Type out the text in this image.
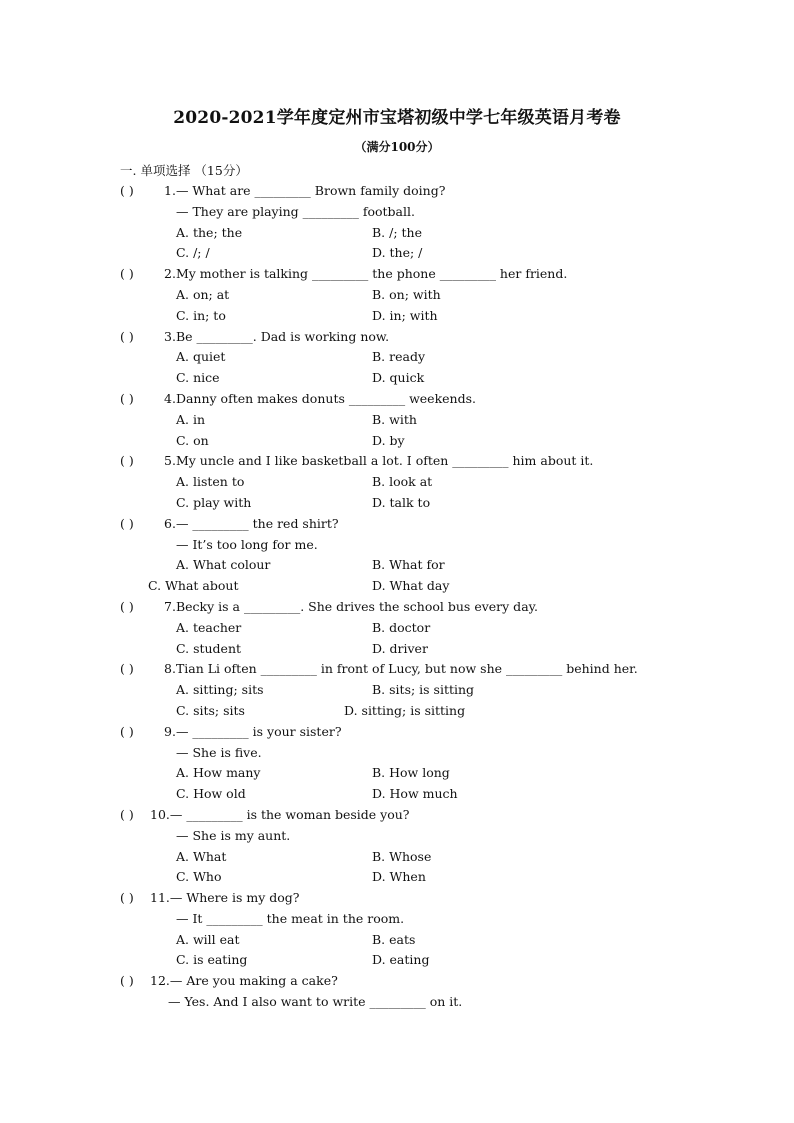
2020-2021学年度定州市宝塔初级中学七年级英语月考卷
（满分100分）
一. 单项选择 （15分）
( )	1. — What are _________ Brown family doing?
— They are playing _________ football.
A. the; the	B. /; the
C. /; /	D. the; /
( )	2. My mother is talking _________ the phone _________ her friend.
A. on; at	B. on; with
C. in; to	D. in; with
( )	3. Be _________. Dad is working now.
A. quiet	B. ready
C. nice	D. quick
( )	4. Danny often makes donuts _________ weekends.
A. in	B. with
C. on	D. by
( )	5. My uncle and I like basketball a lot. I often _________ him about it.
A. listen to	B. look at
C. play with	D. talk to
( )	6. — _________ the red shirt?
— It’s too long for me.
A. What colour	B. What for
C. What about	D. What day
( )	7. Becky is a _________. She drives the school bus every day.
A. teacher	B. doctor
C. student	D. driver
( )	8. Tian Li often _________ in front of Lucy, but now she _________ behind her.
A. sitting; sits	B. sits; is sitting
C. sits; sits	D. sitting; is sitting
( )	9. — _________ is your sister?
— She is five.
A. How many	B. How long
C. How old	D. How much
( )	10. — _________ is the woman beside you?
— She is my aunt.
A. What	B. Whose
C. Who	D. When
( )	11. — Where is my dog?
— It _________ the meat in the room.
A. will eat	B. eats
C. is eating	D. eating
( )	12. — Are you making a cake?
— Yes. And I also want to write _________ on it.
